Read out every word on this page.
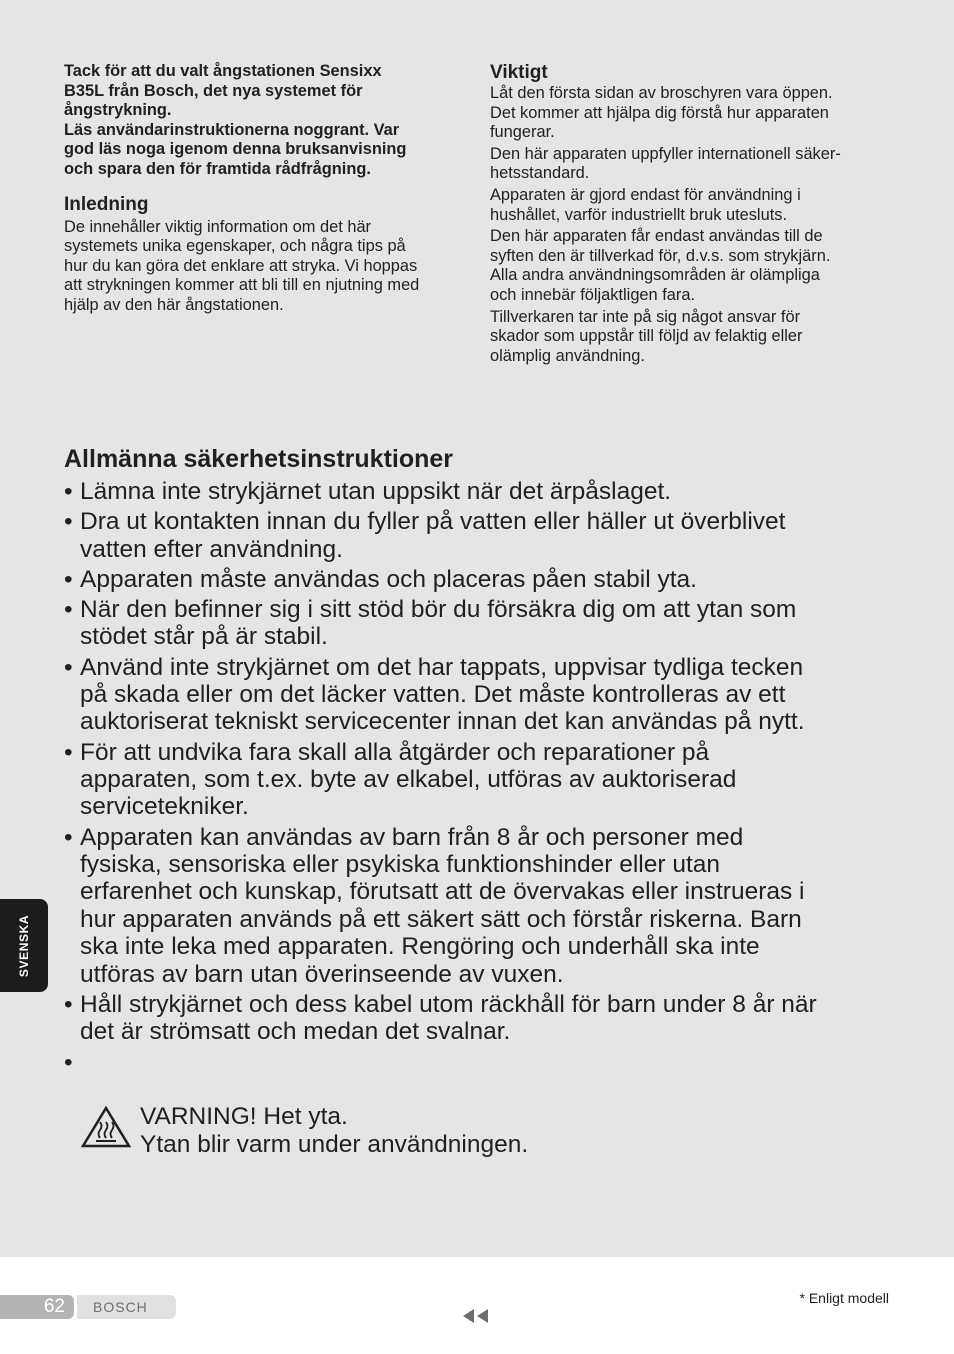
Tack för att du valt ångstationen Sensixx
B35L från Bosch, det nya systemet för
ångstrykning.
Läs användarinstruktionerna noggrant. Var
god läs noga igenom denna bruksanvisning
och spara den för framtida rådfrågning.

Inledning

De innehåller viktig information om det här
systemets unika egenskaper, och några tips på
hur du kan göra det enklare att stryka. Vi hoppas
att strykningen kommer att bli till en njutning med
hjälp av den här ångstationen.

Viktigt

Låt den första sidan av broschyren vara öppen.
Det kommer att hjälpa dig förstå hur apparaten
fungerar.

Den här apparaten uppfyller internationell säker-
hetsstandard.

Apparaten är gjord endast för användning i
hushållet, varför industriellt bruk utesluts.

Den här apparaten får endast användas till de
syften den är tillverkad för, d.v.s. som strykjärn.
Alla andra användningsområden är olämpliga
och innebär följaktligen fara.

Tillverkaren tar inte på sig något ansvar för
skador som uppstår till följd av felaktig eller
olämplig användning.

Allmänna säkerhetsinstruktioner
• Lämna inte strykjärnet utan uppsikt när det ärpåslaget.
• Dra ut kontakten innan du fyller på vatten eller häller ut överblivet
vatten efter användning.
• Apparaten måste användas och placeras påen stabil yta.
• När den befinner sig i sitt stöd bör du försäkra dig om att ytan som
stödet står på är stabil.
• Använd inte strykjärnet om det har tappats, uppvisar tydliga tecken
på skada eller om det läcker vatten. Det måste kontrolleras av ett
auktoriserat tekniskt servicecenter innan det kan användas på nytt.
• För att undvika fara skall alla åtgärder och reparationer på
apparaten, som t.ex. byte av elkabel, utföras av auktoriserad
servicetekniker.
• Apparaten kan användas av barn från 8 år och personer med
fysiska, sensoriska eller psykiska funktionshinder eller utan
erfarenhet och kunskap, förutsatt att de övervakas eller instrueras i
hur apparaten används på ett säkert sätt och förstår riskerna. Barn
ska inte leka med apparaten. Rengöring och underhåll ska inte
utföras av barn utan överinseende av vuxen.
• Håll strykjärnet och dess kabel utom räckhåll för barn under 8 år när
det är strömsatt och medan det svalnar.

•

VARNING! Het yta.
Ytan blir varm under användningen.

SVENSKA
62	BOSCH
* Enligt modell
